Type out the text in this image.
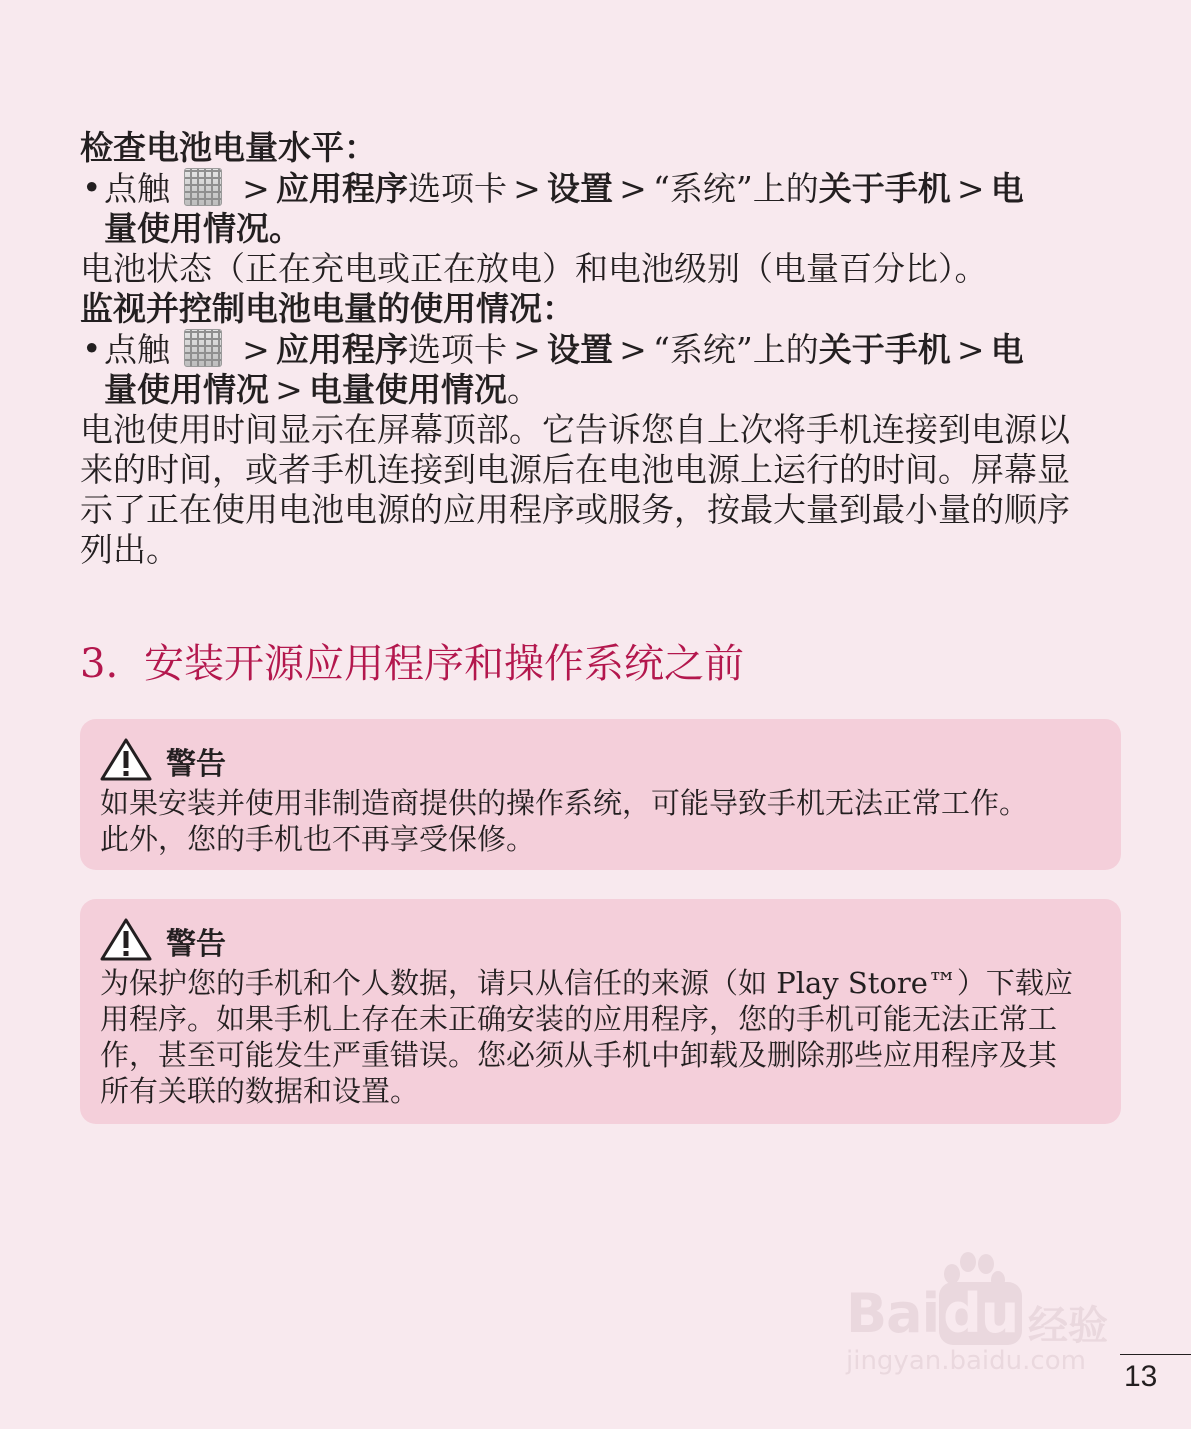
检查电池电量水平：
• 点触 > 应用程序选项卡 > 设置 > “系统”上的关于手机 > 电
量使用情况。
电池状态（正在充电或正在放电）和电池级别（电量百分比）。
监视并控制电池电量的使用情况：
• 点触 > 应用程序选项卡 > 设置 > “系统”上的关于手机 > 电
量使用情况 > 电量使用情况。
电池使用时间显示在屏幕顶部。它告诉您自上次将手机连接到电源以
来的时间，或者手机连接到电源后在电池电源上运行的时间。屏幕显
示了正在使用电池电源的应用程序或服务，按最大量到最小量的顺序
列出。
3. 安装开源应用程序和操作系统之前
警告
如果安装并使用非制造商提供的操作系统，可能导致手机无法正常工作。
此外，您的手机也不再享受保修。
警告
为保护您的手机和个人数据，请只从信任的来源（如 Play Store™）下载应
用程序。如果手机上存在未正确安装的应用程序，您的手机可能无法正常工
作，甚至可能发生严重错误。您必须从手机中卸载及删除那些应用程序及其
所有关联的数据和设置。
Baidu 经验
jingyan.baidu.com 13
